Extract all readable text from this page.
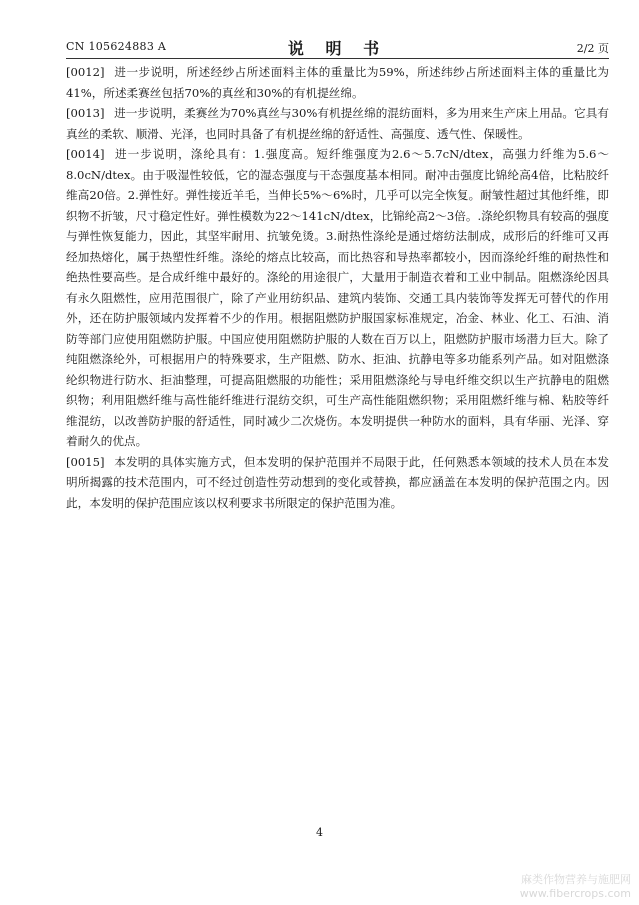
CN 105624883 A	说 明 书	2/2 页

[0012] 进一步说明，所述经纱占所述面料主体的重量比为59%，所述纬纱占所述面料主体的重量比为41%，所述柔赛丝包括70%的真丝和30%的有机提丝绵。

[0013] 进一步说明，柔赛丝为70%真丝与30%有机提丝绵的混纺面料，多为用来生产床上用品。它具有真丝的柔软、顺滑、光泽，也同时具备了有机提丝绵的舒适性、高强度、透气性、保暖性。

[0014] 进一步说明，涤纶具有：1.强度高。短纤维强度为2.6～5.7cN/dtex，高强力纤维为5.6～ 8.0cN/dtex。由于吸湿性较低，它的湿态强度与干态强度基本相同。耐冲击强度比锦纶高4倍，比粘胶纤维高20倍。2.弹性好。弹性接近羊毛，当伸长5%～6%时，几乎可以完全恢复。耐皱性超过其他纤维，即织物不折皱，尺寸稳定性好。弹性模数为22～141cN/dtex，比锦纶高2～3倍。.涤纶织物具有较高的强度与弹性恢复能力，因此，其坚牢耐用、抗皱免烫。3.耐热性涤纶是通过熔纺法制成，成形后的纤维可又再经加热熔化，属于热塑性纤维。涤纶的熔点比较高，而比热容和导热率都较小，因而涤纶纤维的耐热性和绝热性要高些。是合成纤维中最好的。涤纶的用途很广，大量用于制造衣着和工业中制品。阻燃涤纶因具有永久阻燃性，应用范围很广，除了产业用纺织品、建筑内装饰、交通工具内装饰等发挥无可替代的作用外，还在防护服领域内发挥着不少的作用。根据阻燃防护服国家标准规定，冶金、林业、化工、石油、消防等部门应使用阻燃防护服。中国应使用阻燃防护服的人数在百万以上，阻燃防护服市场潜力巨大。除了纯阻燃涤纶外，可根据用户的特殊要求，生产阻燃、防水、拒油、抗静电等多功能系列产品。如对阻燃涤纶织物进行防水、拒油整理，可提高阻燃服的功能性；采用阻燃涤纶与导电纤维交织以生产抗静电的阻燃织物；利用阻燃纤维与高性能纤维进行混纺交织，可生产高性能阻燃织物；采用阻燃纤维与棉、粘胶等纤维混纺，以改善防护服的舒适性，同时减少二次烧伤。本发明提供一种防水的面料，具有华丽、光泽、穿着耐久的优点。

[0015] 本发明的具体实施方式，但本发明的保护范围并不局限于此，任何熟悉本领域的技术人员在本发明所揭露的技术范围内，可不经过创造性劳动想到的变化或替换，都应涵盖在本发明的保护范围之内。因此，本发明的保护范围应该以权利要求书所限定的保护范围为准。

4
麻类作物营养与施肥网
www.fibercrops.com
